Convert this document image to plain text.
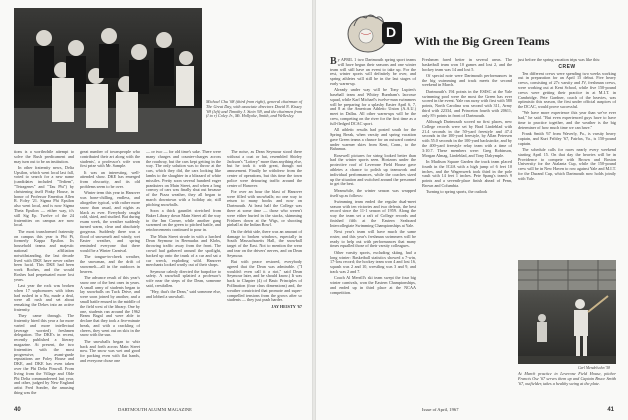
Michael Chu '68 (third from right), general chairman of The Great Day, with associate directors David N. Kissey '69 (left) and Timothy J. Stein '69, and the chairmen from (l to r) Coley Jr., Mt. Hollyoke, Smith, and Wellesley.

tions is a worthwhile attempt to solve the Rush predicament and may turn out to be an institution.

In other fraternity news, Delta Upsilon, which went local last fall, voted to search for a new name (candidates included "Tediem", "Tetragenes" and "Tau Phi") by christening itself Pinky House, in honor of Professor Emeritus Allen R. Foley '21. Sigma Phi Epsilon also went local, and is now Sigma Theta Epsilon — either way, it's still Sig Ep. Twelve of the 24 fraternities on campus are now local.

The most transformed fraternity on campus this year is Phi Pi, formerly Kappa Epsilon. Its household teams and majestic national affiliation notwithstanding, the last decade lived with DKE have never rather been lucid. This DKE had been work Roches, and the would Roshes had perpetuated more lost years.

Last year the rock was broken when 17 sophomores with ideas had rushed in a Nu, made a deal, were all rush and set about remaking the Dekes into an active fraternity.

They came through. The fraternity hired this year a far more varied and more intellectual (average worried) freshmen delegation. The DKE's in recent, recently published a literary magazine. At present, the two fraternities with the most progressive, avant-garde reputations are Foley House and DKE, and DKE has even taken over the Phi Delta Pinwall. From living from the Village and Olde Phi Delta commandeered last year, and other, judged by New England artist Fred Sonder, the amusing thing was the

great number of townspeople who contributed their art along with the students', a professor's wife won first prize with Mr. Sample.

It was an interesting, well-attended show. DKE has emerged from obscurity, and its old problems seem to be over.

Winter term this year in Hanover was bone-chilling, endless, and altogether typical, with rather more snow than usual, and nights as black as ever. Everybody caught cold, skied, and studied. But during exam week, the weather suddenly turned warm, clear and absolutely gorgeous. Suddenly there was a flood of snowmelt and windy, wet Easter weather, and spring reminded everyone that there would be a Winter Carnival.

The tongue-in-cheek weather, the snowman, and the drift of snowmelt—all in the outdoors in heaven.

The advance result of this year's snow one of the best ones in years. A small army of students began to lay snowballs on Tuck Drive, and were soon joined by another, and a small battle ensued in the middle of the field west of the library. One by one, students ran around the 1962 Beam Bagal and were able to declare that they took a five-minute break, and with a crackling of cheers, they went out on skis in the snow with the sun.

The snowballs began to whir back and forth across Main Street now. The snow was wet and good for packing even with flat hands, and everyone chose one

— or two — for old time's sake. There were many charges and counter-charges across the roadway, but the cars kept getting in the way. The only solution was to throw at the cars, which they did, the cars looking like lambs to the slaughter in a blizzard of white missiles. Pretty soon several hundred eager pranksters on Main Street, and when a long convoy of cars was finally shut out because of the Pizza weather, they all began to march downtown with a holiday air, still pitching snowballs.

Soon a thick gauntlet stretched from Baker Library down Main Street all the way to the Inn Corner, while another gang swarmed on the green to pitched battle, and reinforcements continued to pour in.

The Main Street strode in with a lurched Dean Seymour in Bermudas and Klobs, throwing traffic away from the front. The crowd had gathered around the spotlight, backed up onto the trunk of a car and sat a car wreck, exploding wild. Hanover merchants looked warily out of their shops.

Seymour calmly directed the barpolice to safety. A snowball splatted a professor's wife near the steps of the Dean, someone said, crestfallen.

"Hey, that's the Dean," said someone else, and lobbed a snowball.

The noise, as Dean Seymour stood there without a coat or hat, resembled Shirley Jackson's "Lottery" more than anything else, but he took it with great, though not amusement. Finally he withdrew from the center of operations, but this time the town police were detouring traffic around the center of Hanover.

For over an hour the blast of Hanover were filled with snowballs; no one way to return to many books and now on Dartmouth. At least half the College was there at some time — those who weren't were either buried in the stacks, skimming Frisbees down at the Wigs, or shooting pinball at the Indian Bowl.

On the debit side, there was an amount of damage to broken windows, especially in South Massachusetts Hall, the snowball target of the East. Not to mention the wear and tear on the drivers' nerves, and on Dean Seymour.

But with peace restored, everybody agreed that the Dean was admirable. ("I wouldn't even call it a riot," said Dean Seymour later, and he should know.) It was back to Chapter (4) of Basic Principles of Pollination (four class dimensions) and, the weather constricted that promote and super-compelled tensions from the grows after so students — they just push harder.

JAY HEISTY '67

40	DARTMOUTH ALUMNI MAGAZINE
D
With the Big Green Teams

By APRIL 1 two Dartmouth spring sport teams will have begun their seasons and one winter team will still have an event to take up. For the rest, winter sports will definitely be over, and spring athletes will still be in the last stages of early warm-up.

Already under way will be Tony Lupien's baseball team and Whitey Burnham's lacrosse squad, while Karl Michael's twelve-man swimmers will be preparing for a splashy Easter April 6, 7, and 8 at the American Athletic Union (A.A.U.) meet in Dallas. All other warm-ups will be the crew, competing on the river for the first time as a full-fledged DCAC sport.

All athletic results had posted south for the Spring Break, when varsity and spring vacation gave Green teams a chance for an outward contest under warmer skies from Kent, Conn., to the Bahamas.

Rosewell pictures for string looked better than had the winter sports seen. Horizons under the protective roof of Leverone Field House gave athletes a chance to polish up teamwork and individual performances, while the coaches sized up the situation and switched around the personnel to get the best.

Meanwhile, the winter season was wrapped itself up as follows:

Swimming team ended the regular dual-meet season with ten victories and two defeats, the best record since the 11-1 season of 1959. Along the way the team set a raft of College records and finished fifth at the Eastern Seaboard Intercollegiate Swimming Championships at Yale.

Next year's team will have much the same roster, and this year's freshman swimmers will be ready to help out with performances that many times equalled those of their varsity colleagues.

Other varsity sports, excluding skiing, had a long winter: Basketball statistics showed a 7-win, 17-loss record; the hockey team won 4 and lost 16, squash was 2 and 10, wrestling was 3 and 9, and track was 2 and 7.

Coach Al Merrill's ski team swept the four big winter carnivals, won the Eastern Championships, and ended up in third place at the NCAA competition.

Freshmen fared better in several areas. The basketball team won 10 games and lost 2, and the hockey team was 14 and lost 5.

Of special note were Dartmouth performances in the big swimming and track meets the second weekend in March.

Dartmouth's 194 points in the ESISC at the Yale swimming pool were the most the Green has ever scored in the event. Yale ran away with first with 580 points, North Carolina was second with 311, Army third with 22334, and Princeton fourth with 20611, only 8½ points in front of Dartmouth.

Although Dartmouth scored no first places, new College records were set by Brad Lindeblad with 21.4 seconds in the 50-yard freestyle and 47.4 seconds in the 100-yard freestyle, by Allan Petersen with 55.0 seconds in the 100-yard backstroke, and by the 400-yard freestyle relay team with a time of 3:10.7. These members were: Greg Robinson, Morgan Almag, Lindeblad, and Tony Dalrymple.

In Madison Square Garden the track team placed fourth in the IC4A with a high jump of 6 feet 10 inches, and the Wagenwerk took third in the pole vault with 14 feet 1 inches. Pete Spang's team's 9 points and a seventh-place finish ahead of Penn, Brown and Columbia.

Turning to spring sports, the outlook

just before the spring vacation trips was like this:

CREW

Ten different crews were spending two weeks working out in preparation for an April 15 debut. Five heavy crews, consisting of 27c varsity and JV, freshman crews, were working out at Kent School, while five 150-pound crews were getting their practice in at M.I.T. in Cambridge. Pete Gardner, coach of the heavies, was optimistic this season, the first under official auspices of the DCAC, would prove successful.

"We have more experience this year than we've ever had," he said. "But even experienced guys have to have time to practice together, and the weather is the big determiner of how much time we can have."

Frank Smith '67 from Waverly, Pa., is varsity heavy captain, and Kurt Fribley '67, Fairfax, Va., is 150-pound captain.

The schedule calls for races nearly every weekend starting April 15. On that day the heavies will be in Providence to compete with Brown and Boston University for the Atalanta Cup, while the 150-pound crew will be in New Haven to row against Yale and M.I.T. for the Durand Cup, which Dartmouth now holds jointly with Yale.

Carl Mendelsohn '58
At March practice in Leverone Field House, pitcher Francis Ose '67 serves them up and Captain Bruce Smith '67, outfielder, takes a healthy swing at the plate.
Issue of April, 1967	41
